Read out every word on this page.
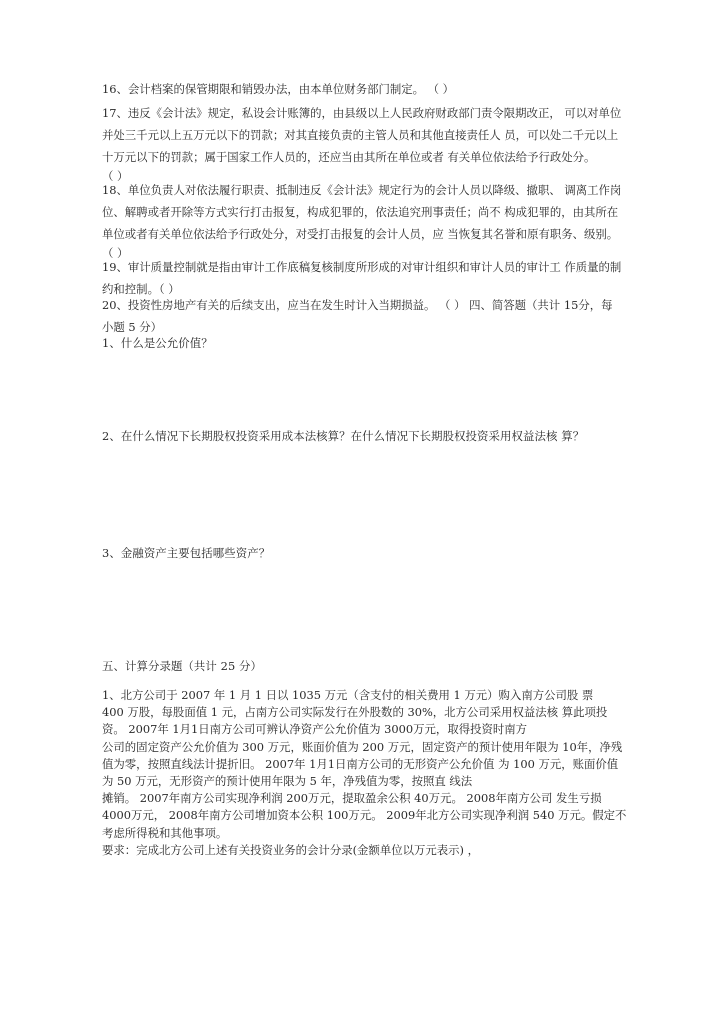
16、会计档案的保管期限和销毁办法，由本单位财务部门制定。 （ ）
17、违反《会计法》规定，私设会计账簿的，由县级以上人民政府财政部门责令限期改正， 可以对单位
并处三千元以上五万元以下的罚款；对其直接负责的主管人员和其他直接责任人 员，可以处二千元以上
十万元以下的罚款；属于国家工作人员的，还应当由其所在单位或者 有关单位依法给予行政处分。
（ ）
18、单位负责人对依法履行职责、抵制违反《会计法》规定行为的会计人员以降级、撤职、 调离工作岗
位、解聘或者开除等方式实行打击报复，构成犯罪的，依法追究刑事责任；尚不 构成犯罪的，由其所在
单位或者有关单位依法给予行政处分，对受打击报复的会计人员，应 当恢复其名誉和原有职务、级别。
（ ）
19、审计质量控制就是指由审计工作底稿复核制度所形成的对审计组织和审计人员的审计工 作质量的制
约和控制。（ ）
20、投资性房地产有关的后续支出，应当在发生时计入当期损益。 （ ） 四、简答题（共计 15分，每
小题 5 分）
1、什么是公允价值？
2、在什么情况下长期股权投资采用成本法核算？在什么情况下长期股权投资采用权益法核 算？
3、金融资产主要包括哪些资产？
五、计算分录题（共计 25 分）
1、北方公司于 2007 年 1 月 1 日以 1035 万元（含支付的相关费用 1 万元）购入南方公司股 票
400 万股，每股面值 1 元，占南方公司实际发行在外股数的 30%，北方公司采用权益法核 算此项投
资。 2007年 1月1日南方公司可辨认净资产公允价值为 3000万元，取得投资时南方
公司的固定资产公允价值为 300 万元，账面价值为 200 万元，固定资产的预计使用年限为 10年，净残
值为零，按照直线法计提折旧。 2007年 1月1日南方公司的无形资产公允价值 为 100 万元，账面价值
为 50 万元，无形资产的预计使用年限为 5 年，净残值为零，按照直 线法
摊销。 2007年南方公司实现净利润 200万元，提取盈余公积 40万元。 2008年南方公司 发生亏损
4000万元， 2008年南方公司增加资本公积 100万元。 2009年北方公司实现净利润 540 万元。假定不
考虑所得税和其他事项。
要求：完成北方公司上述有关投资业务的会计分录(金额单位以万元表示) ，
